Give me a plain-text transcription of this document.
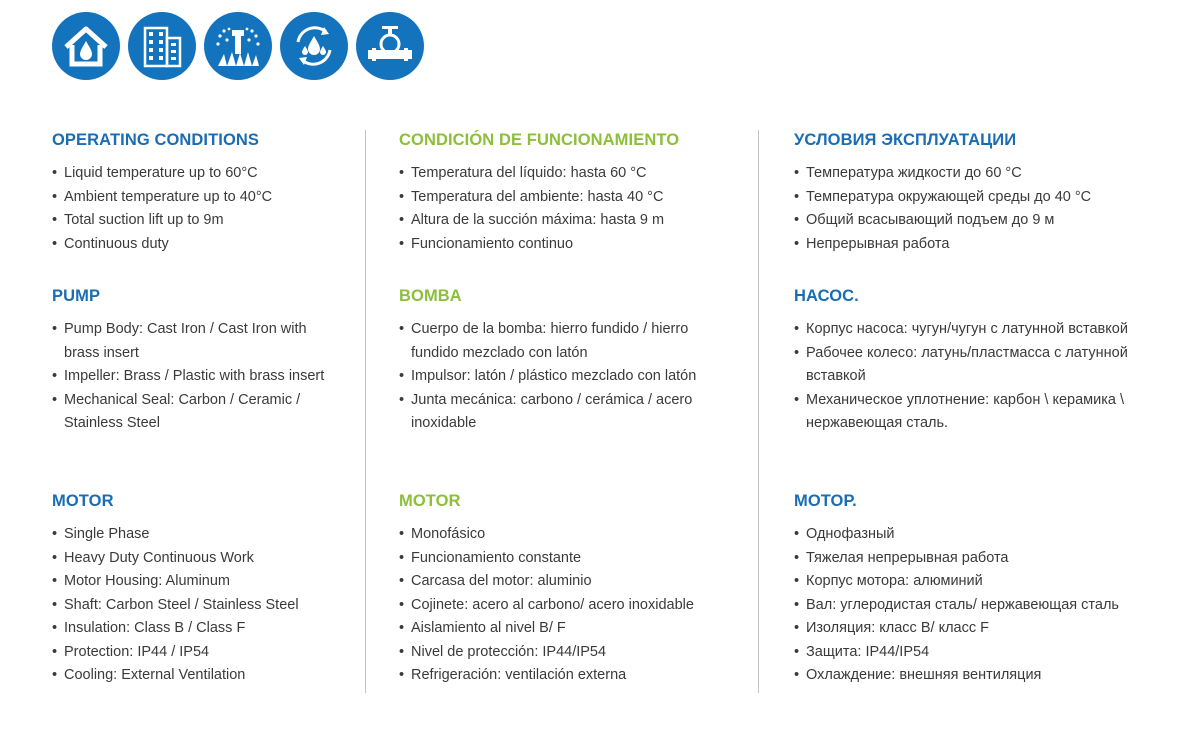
OPERATING CONDITIONS
• Liquid temperature up to 60°C
• Ambient temperature up to 40°C
• Total suction lift up to 9m
• Continuous duty
PUMP
• Pump Body: Cast Iron / Cast Iron with brass insert
• Impeller: Brass / Plastic with brass insert
• Mechanical Seal: Carbon / Ceramic / Stainless Steel
MOTOR
• Single Phase
• Heavy Duty Continuous Work
• Motor Housing: Aluminum
• Shaft: Carbon Steel / Stainless Steel
• Insulation: Class B / Class F
• Protection: IP44 / IP54
• Cooling: External Ventilation
CONDICIÓN DE FUNCIONAMIENTO
• Temperatura del líquido: hasta 60 °C
• Temperatura del ambiente: hasta 40 °C
• Altura de la succión máxima: hasta 9 m
• Funcionamiento continuo
BOMBA
• Cuerpo de la bomba: hierro fundido / hierro fundido mezclado con latón
• Impulsor: latón / plástico mezclado con latón
• Junta mecánica: carbono / cerámica / acero inoxidable
MOTOR
• Monofásico
• Funcionamiento constante
• Carcasa del motor: aluminio
• Cojinete: acero al carbono/ acero inoxidable
• Aislamiento al nivel B/ F
• Nivel de protección: IP44/IP54
• Refrigeración: ventilación externa
УСЛОВИЯ ЭКСПЛУАТАЦИИ
• Температура жидкости до 60 °C
• Температура окружающей среды до 40 °C
• Общий всасывающий подъем до 9 м
• Непрерывная работа
НАСОС.
• Корпус насоса: чугун/чугун с латунной вставкой
• Рабочее колесо: латунь/пластмасса с латунной вставкой
• Механическое уплотнение: карбон \ керамика \ нержавеющая сталь.
МОТОР.
• Однофазный
• Тяжелая непрерывная работа
• Корпус мотора: алюминий
• Вал: углеродистая сталь/ нержавеющая сталь
• Изоляция: класс B/ класс F
• Защита: IP44/IP54
• Охлаждение: внешняя вентиляция
